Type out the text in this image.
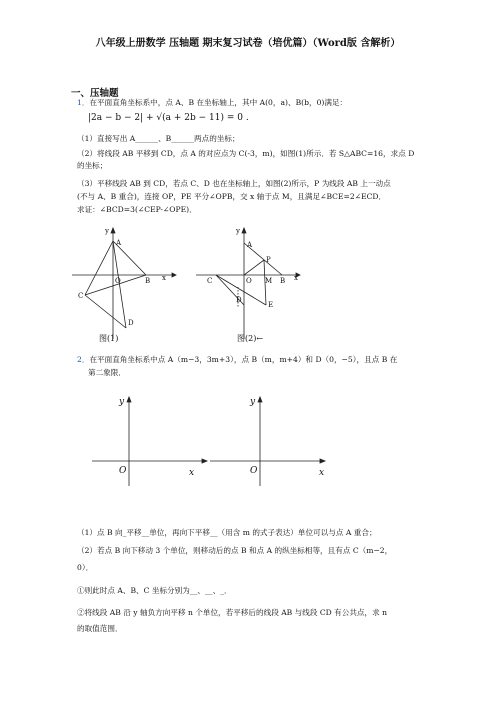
八年级上册数学 压轴题 期末复习试卷（培优篇）（Word版 含解析）
一、压轴题
1．在平面直角坐标系中，点 A、B 在坐标轴上，其中 A(0，a)、B(b，0)满足：
|2a − b − 2| + √(a + 2b − 11) = 0 .
（1）直接写出 A______、B______两点的坐标；
（2）将线段 AB 平移到 CD，点 A 的对应点为 C(-3，m)，如图(1)所示．若 S△ABC=16，求点 D
的坐标；
（3）平移线段 AB 到 CD，若点 C、D 也在坐标轴上，如图(2)所示，P 为线段 AB 上一动点
(不与 A、B 重合)，连接 OP，PE 平分∠OPB，交 x 轴于点 M，且满足∠BCE=2∠ECD．
求证：∠BCD=3(∠CEP-∠OPE)．
y
A
O	B x
C
D
图(1)
y
A
P
C	O M B x
D
E
图(2)←
2．在平面直角坐标系中点 A（m−3，3m+3），点 B（m，m+4）和 D（0，−5），且点 B 在
第二象限．
y
O	x
y
O	x
（1）点 B 向_平移__单位，再向下平移__（用含 m 的式子表达）单位可以与点 A 重合；
（2）若点 B 向下移动 3 个单位，则移动后的点 B 和点 A 的纵坐标相等，且有点 C（m−2，
0）．
①则此时点 A、B、C 坐标分别为__、__、_．
②将线段 AB 沿 y 轴负方向平移 n 个单位，若平移后的线段 AB 与线段 CD 有公共点，求 n
的取值范围．
